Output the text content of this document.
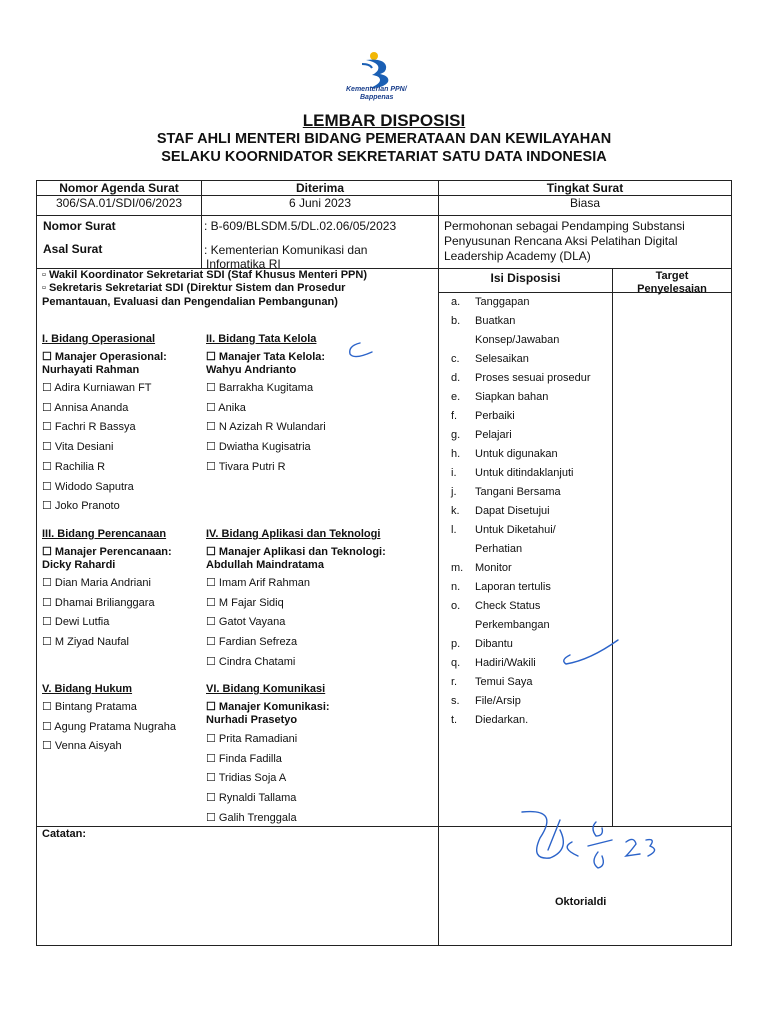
Kementerian PPN/
Bappenas
LEMBAR DISPOSISI
STAF AHLI MENTERI BIDANG PEMERATAAN DAN KEWILAYAHAN
SELAKU KOORNIDATOR SEKRETARIAT SATU DATA INDONESIA
Nomor Agenda Surat	Diterima	Tingkat Surat
306/SA.01/SDI/06/2023	6 Juni 2023	Biasa
Nomor Surat	: B-609/BLSDM.5/DL.02.06/05/2023
Asal Surat	: Kementerian Komunikasi dan
Informatika RI
Permohonan sebagai Pendamping Substansi
Penyusunan Rencana Aksi Pelatihan Digital
Leadership Academy (DLA)
▫ Wakil Koordinator Sekretariat SDI (Staf Khusus Menteri PPN)
▫ Sekretaris Sekretariat SDI (Direktur Sistem dan Prosedur
Pemantauan, Evaluasi dan Pengendalian Pembangunan)
I. Bidang Operasional
☐ Manajer Operasional:
Nurhayati Rahman
☐ Adira Kurniawan FT
☐ Annisa Ananda
☐ Fachri R Bassya
☐ Vita Desiani
☐ Rachilia R
☐ Widodo Saputra
☐ Joko Pranoto
II. Bidang Tata Kelola
☐ Manajer Tata Kelola:
Wahyu Andrianto
☐ Barrakha Kugitama
☐ Anika
☐ N Azizah R Wulandari
☐ Dwiatha Kugisatria
☐ Tivara Putri R
III. Bidang Perencanaan
☐ Manajer Perencanaan:
Dicky Rahardi
☐ Dian Maria Andriani
☐ Dhamai Brilianggara
☐ Dewi Lutfia
☐ M Ziyad Naufal
IV. Bidang Aplikasi dan Teknologi
☐ Manajer Aplikasi dan Teknologi:
Abdullah Maindratama
☐ Imam Arif Rahman
☐ M Fajar Sidiq
☐ Gatot Vayana
☐ Fardian Sefreza
☐ Cindra Chatami
V. Bidang Hukum
☐ Bintang Pratama
☐ Agung Pratama Nugraha
☐ Venna Aisyah
VI. Bidang Komunikasi
☐ Manajer Komunikasi:
Nurhadi Prasetyo
☐ Prita Ramadiani
☐ Finda Fadilla
☐ Tridias Soja A
☐ Rynaldi Tallama
☐ Galih Trenggala
Isi Disposisi	Target
Penyelesaian
a. Tanggapan
b. Buatkan
Konsep/Jawaban
c. Selesaikan
d. Proses sesuai prosedur
e. Siapkan bahan
f. Perbaiki
g. Pelajari
h. Untuk digunakan
i. Untuk ditindaklanjuti
j. Tangani Bersama
k. Dapat Disetujui
l. Untuk Diketahui/
Perhatian
m. Monitor
n. Laporan tertulis
o. Check Status
Perkembangan
p. Dibantu
q. Hadiri/Wakili
r. Temui Saya
s. File/Arsip
t. Diedarkan.
Catatan:
Oktorialdi
